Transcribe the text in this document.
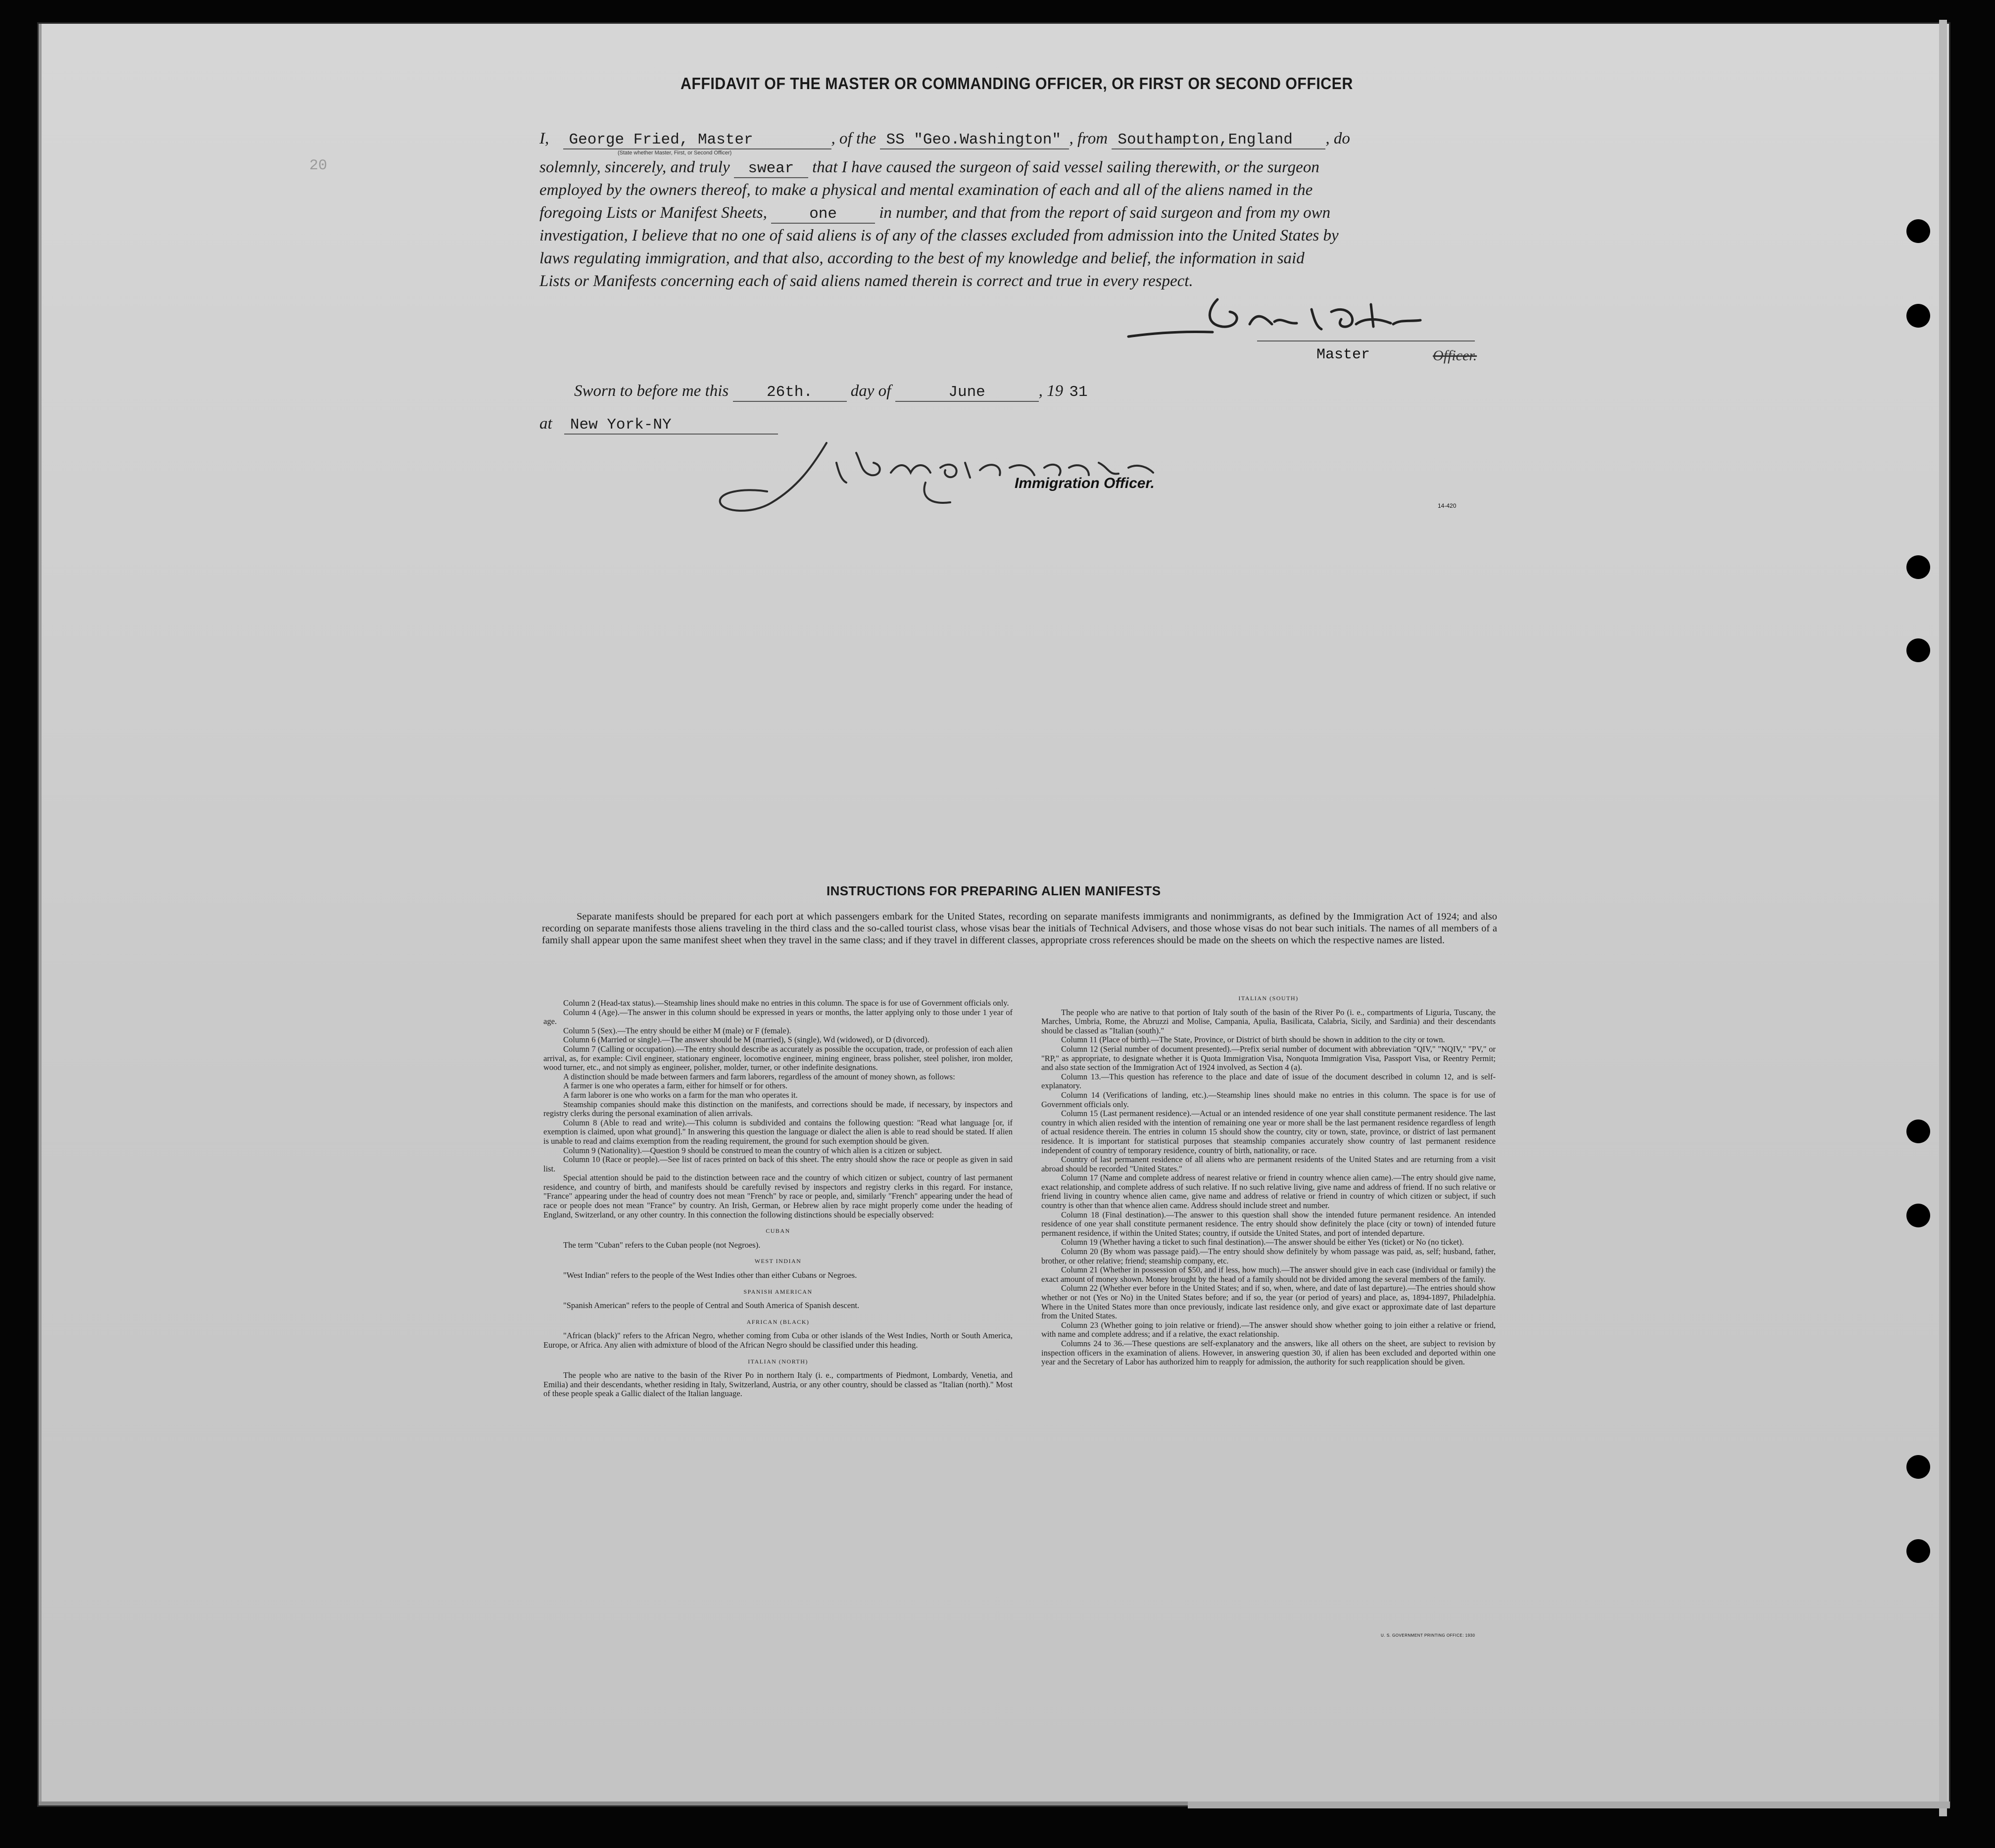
20
AFFIDAVIT OF THE MASTER OR COMMANDING OFFICER, OR FIRST OR SECOND OFFICER
I, George Fried, Master	, of the SS "Geo.Washington" , from Southampton,England , do
(State whether Master, First, or Second Officer)
solemnly, sincerely, and truly swear that I have caused the surgeon of said vessel sailing therewith, or the surgeon
employed by the owners thereof, to make a physical and mental examination of each and all of the aliens named in the
foregoing Lists or Manifest Sheets,	one	in number, and that from the report of said surgeon and from my own
investigation, I believe that no one of said aliens is of any of the classes excluded from admission into the United States by
laws regulating immigration, and that also, according to the best of my knowledge and belief, the information in said
Lists or Manifests concerning each of said aliens named therein is correct and true in every respect.
Master	Officer.
Sworn to before me this 26th. day of	June	, 19 31
at New York-NY
Immigration Officer.
14-420
INSTRUCTIONS FOR PREPARING ALIEN MANIFESTS
Separate manifests should be prepared for each port at which passengers embark for the United States, recording on separate manifests immigrants and nonimmigrants, as defined by the Immigration Act of 1924; and also recording on separate manifests those aliens traveling in the third class and the so-called tourist class, whose visas bear the initials of Technical Advisers, and those whose visas do not bear such initials. The names of all members of a family shall appear upon the same manifest sheet when they travel in the same class; and if they travel in different classes, appropriate cross references should be made on the sheets on which the respective names are listed.

Column 2 (Head-tax status).—Steamship lines should make no entries in this column. The space is for use of Government officials only.

Column 4 (Age).—The answer in this column should be expressed in years or months, the latter applying only to those under 1 year of age.

Column 5 (Sex).—The entry should be either M (male) or F (female).

Column 6 (Married or single).—The answer should be M (married), S (single), Wd (widowed), or D (divorced).

Column 7 (Calling or occupation).—The entry should describe as accurately as possible the occupation, trade, or profession of each alien arrival, as, for example: Civil engineer, stationary engineer, locomotive engineer, mining engineer, brass polisher, steel polisher, iron molder, wood turner, etc., and not simply as engineer, polisher, molder, turner, or other indefinite designations.

A distinction should be made between farmers and farm laborers, regardless of the amount of money shown, as follows:

A farmer is one who operates a farm, either for himself or for others.

A farm laborer is one who works on a farm for the man who operates it.

Steamship companies should make this distinction on the manifests, and corrections should be made, if necessary, by inspectors and registry clerks during the personal examination of alien arrivals.

Column 8 (Able to read and write).—This column is subdivided and contains the following question: "Read what language [or, if exemption is claimed, upon what ground]." In answering this question the language or dialect the alien is able to read should be stated. If alien is unable to read and claims exemption from the reading requirement, the ground for such exemption should be given.

Column 9 (Nationality).—Question 9 should be construed to mean the country of which alien is a citizen or subject.

Column 10 (Race or people).—See list of races printed on back of this sheet. The entry should show the race or people as given in said list.

Special attention should be paid to the distinction between race and the country of which citizen or subject, country of last permanent residence, and country of birth, and manifests should be carefully revised by inspectors and registry clerks in this regard. For instance, "France" appearing under the head of country does not mean "French" by race or people, and, similarly "French" appearing under the head of race or people does not mean "France" by country. An Irish, German, or Hebrew alien by race might properly come under the heading of England, Switzerland, or any other country. In this connection the following distinctions should be especially observed:

CUBAN

The term "Cuban" refers to the Cuban people (not Negroes).

WEST INDIAN

"West Indian" refers to the people of the West Indies other than either Cubans or Negroes.

SPANISH AMERICAN

"Spanish American" refers to the people of Central and South America of Spanish descent.

AFRICAN (BLACK)

"African (black)" refers to the African Negro, whether coming from Cuba or other islands of the West Indies, North or South America, Europe, or Africa. Any alien with admixture of blood of the African Negro should be classified under this heading.

ITALIAN (NORTH)

The people who are native to the basin of the River Po in northern Italy (i. e., compartments of Piedmont, Lombardy, Venetia, and Emilia) and their descendants, whether residing in Italy, Switzerland, Austria, or any other country, should be classed as "Italian (north)." Most of these people speak a Gallic dialect of the Italian language.

ITALIAN (SOUTH)

The people who are native to that portion of Italy south of the basin of the River Po (i. e., compartments of Liguria, Tuscany, the Marches, Umbria, Rome, the Abruzzi and Molise, Campania, Apulia, Basilicata, Calabria, Sicily, and Sardinia) and their descendants should be classed as "Italian (south)."

Column 11 (Place of birth).—The State, Province, or District of birth should be shown in addition to the city or town.

Column 12 (Serial number of document presented).—Prefix serial number of document with abbreviation "QIV," "NQIV," "PV," or "RP," as appropriate, to designate whether it is Quota Immigration Visa, Nonquota Immigration Visa, Passport Visa, or Reentry Permit; and also state section of the Immigration Act of 1924 involved, as Section 4 (a).

Column 13.—This question has reference to the place and date of issue of the document described in column 12, and is self-explanatory.

Column 14 (Verifications of landing, etc.).—Steamship lines should make no entries in this column. The space is for use of Government officials only.

Column 15 (Last permanent residence).—Actual or an intended residence of one year shall constitute permanent residence. The last country in which alien resided with the intention of remaining one year or more shall be the last permanent residence regardless of length of actual residence therein. The entries in column 15 should show the country, city or town, state, province, or district of last permanent residence. It is important for statistical purposes that steamship companies accurately show country of last permanent residence independent of country of temporary residence, country of birth, nationality, or race.

Country of last permanent residence of all aliens who are permanent residents of the United States and are returning from a visit abroad should be recorded "United States."

Column 17 (Name and complete address of nearest relative or friend in country whence alien came).—The entry should give name, exact relationship, and complete address of such relative. If no such relative living, give name and address of friend. If no such relative or friend living in country whence alien came, give name and address of relative or friend in country of which citizen or subject, if such country is other than that whence alien came. Address should include street and number.

Column 18 (Final destination).—The answer to this question shall show the intended future permanent residence. An intended residence of one year shall constitute permanent residence. The entry should show definitely the place (city or town) of intended future permanent residence, if within the United States; country, if outside the United States, and port of intended departure.

Column 19 (Whether having a ticket to such final destination).—The answer should be either Yes (ticket) or No (no ticket).

Column 20 (By whom was passage paid).—The entry should show definitely by whom passage was paid, as, self; husband, father, brother, or other relative; friend; steamship company, etc.

Column 21 (Whether in possession of $50, and if less, how much).—The answer should give in each case (individual or family) the exact amount of money shown. Money brought by the head of a family should not be divided among the several members of the family.

Column 22 (Whether ever before in the United States; and if so, when, where, and date of last departure).—The entries should show whether or not (Yes or No) in the United States before; and if so, the year (or period of years) and place, as, 1894-1897, Philadelphia. Where in the United States more than once previously, indicate last residence only, and give exact or approximate date of last departure from the United States.

Column 23 (Whether going to join relative or friend).—The answer should show whether going to join either a relative or friend, with name and complete address; and if a relative, the exact relationship.

Columns 24 to 36.—These questions are self-explanatory and the answers, like all others on the sheet, are subject to revision by inspection officers in the examination of aliens. However, in answering question 30, if alien has been excluded and deported within one year and the Secretary of Labor has authorized him to reapply for admission, the authority for such reapplication should be given.

U. S. GOVERNMENT PRINTING OFFICE: 1930
